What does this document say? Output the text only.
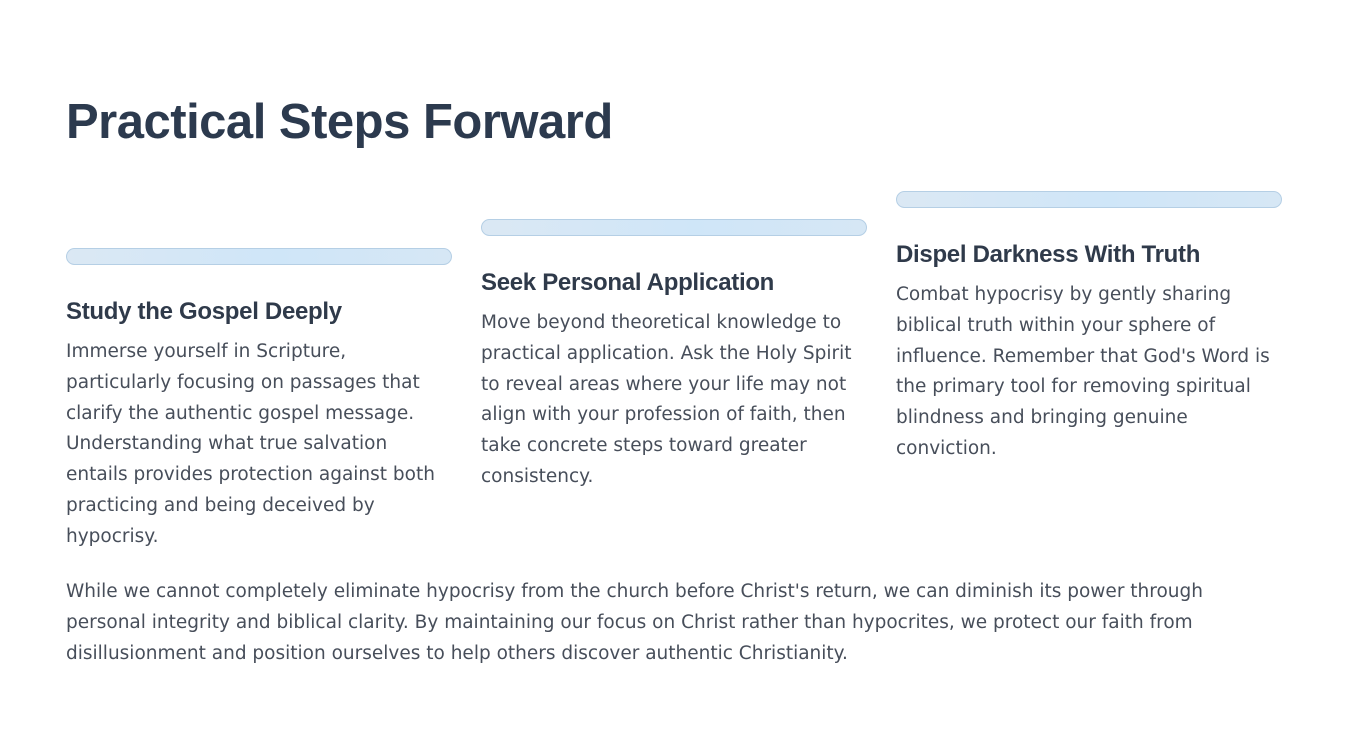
Practical Steps Forward
Study the Gospel Deeply

Immerse yourself in Scripture, particularly focusing on passages that clarify the authentic gospel message. Understanding what true salvation entails provides protection against both practicing and being deceived by hypocrisy.

Seek Personal Application

Move beyond theoretical knowledge to practical application. Ask the Holy Spirit to reveal areas where your life may not align with your profession of faith, then take concrete steps toward greater consistency.

Dispel Darkness With Truth

Combat hypocrisy by gently sharing biblical truth within your sphere of influence. Remember that God's Word is the primary tool for removing spiritual blindness and bringing genuine conviction.

While we cannot completely eliminate hypocrisy from the church before Christ's return, we can diminish its power through personal integrity and biblical clarity. By maintaining our focus on Christ rather than hypocrites, we protect our faith from disillusionment and position ourselves to help others discover authentic Christianity.
